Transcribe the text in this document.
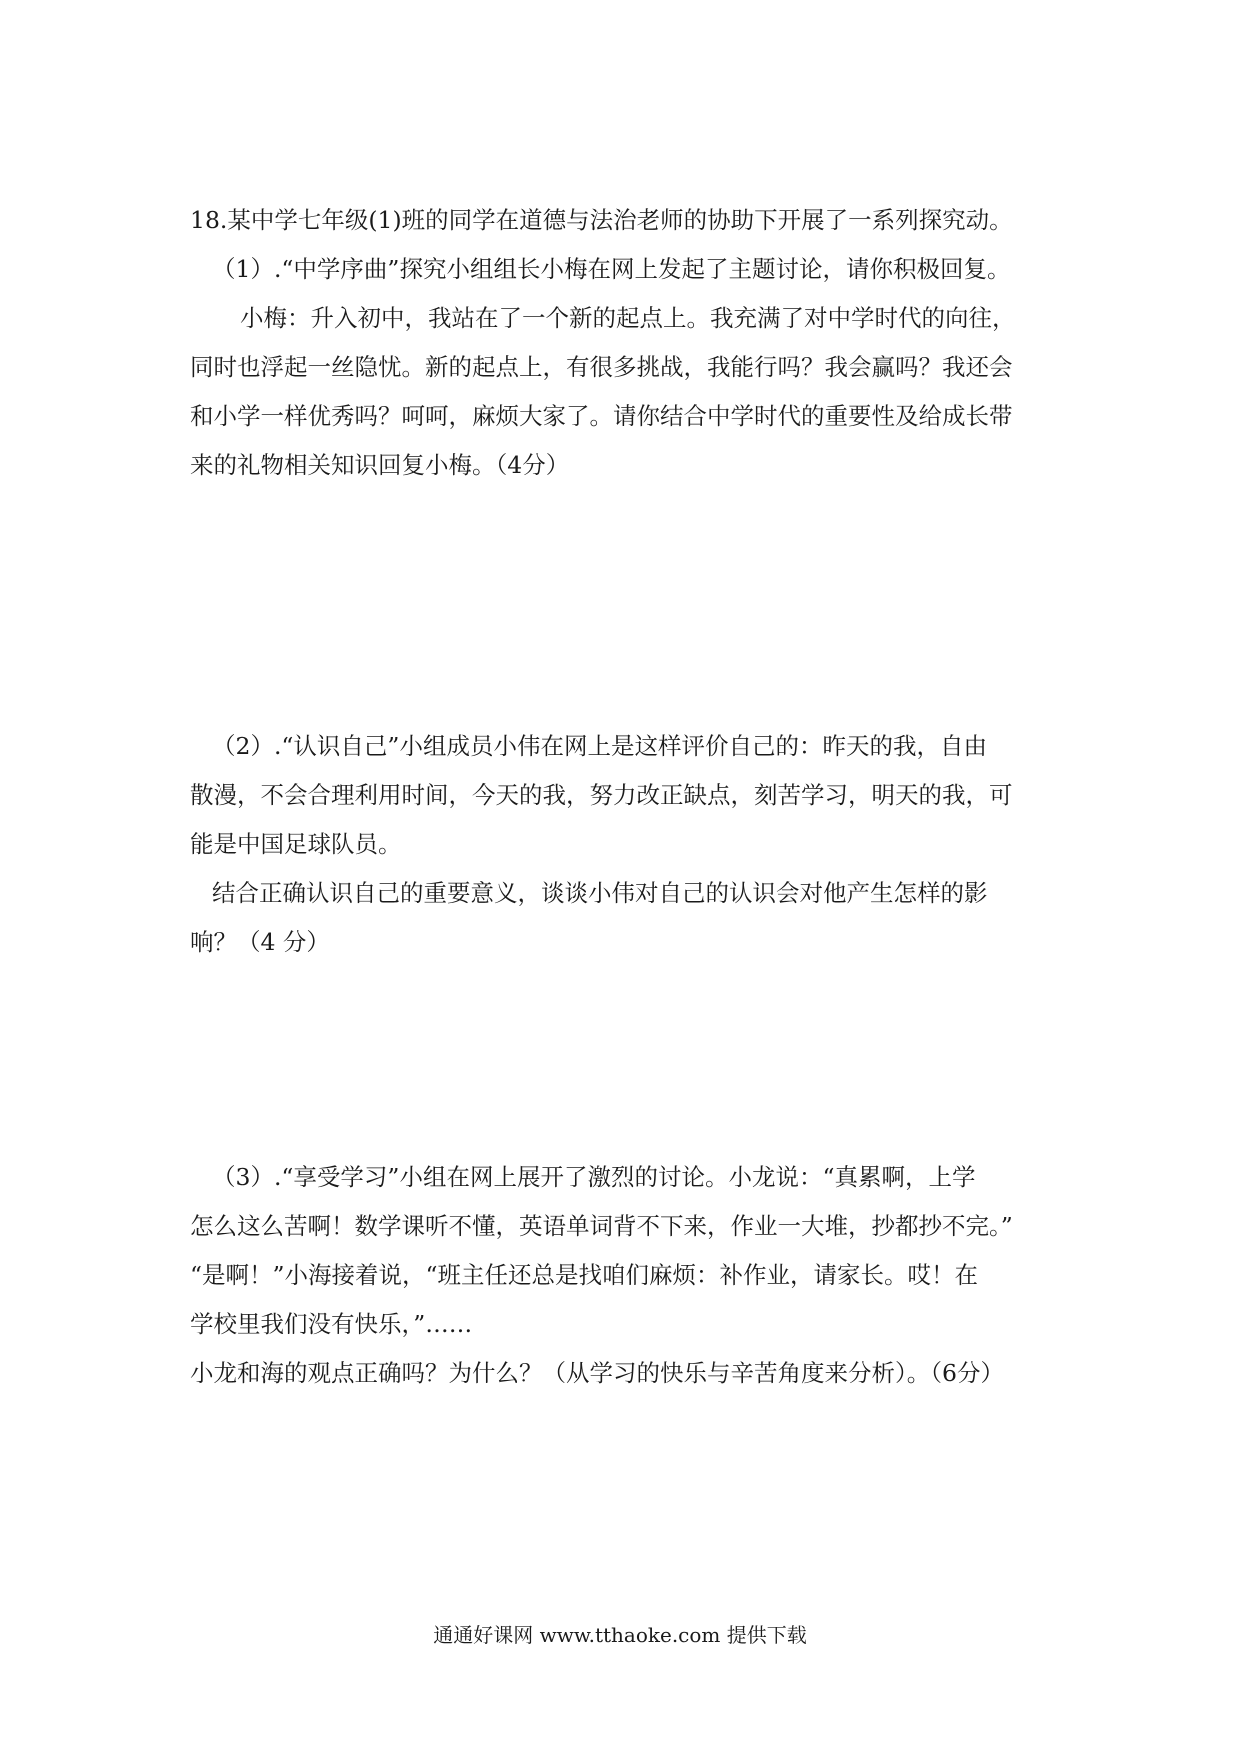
18.某中学七年级(1)班的同学在道德与法治老师的协助下开展了一系列探究动。
（1）.“中学序曲”探究小组组长小梅在网上发起了主题讨论，请你积极回复。
小梅：升入初中，我站在了一个新的起点上。我充满了对中学时代的向往，
同时也浮起一丝隐忧。新的起点上，有很多挑战，我能行吗？我会赢吗？我还会
和小学一样优秀吗？呵呵，麻烦大家了。请你结合中学时代的重要性及给成长带
来的礼物相关知识回复小梅。（4分）
（2）.“认识自己”小组成员小伟在网上是这样评价自己的：昨天的我，自由
散漫，不会合理利用时间，今天的我，努力改正缺点，刻苦学习，明天的我，可
能是中国足球队员。
结合正确认识自己的重要意义，谈谈小伟对自己的认识会对他产生怎样的影
响？（4 分）
（3）.“享受学习”小组在网上展开了激烈的讨论。小龙说：“真累啊，上学
怎么这么苦啊！数学课听不懂，英语单词背不下来，作业一大堆，抄都抄不完。”
“是啊！”小海接着说，“班主任还总是找咱们麻烦：补作业，请家长。哎！在
学校里我们没有快乐，”……
小龙和海的观点正确吗？为什么？（从学习的快乐与辛苦角度来分析）。（6分）
通通好课网 www.tthaoke.com 提供下载
